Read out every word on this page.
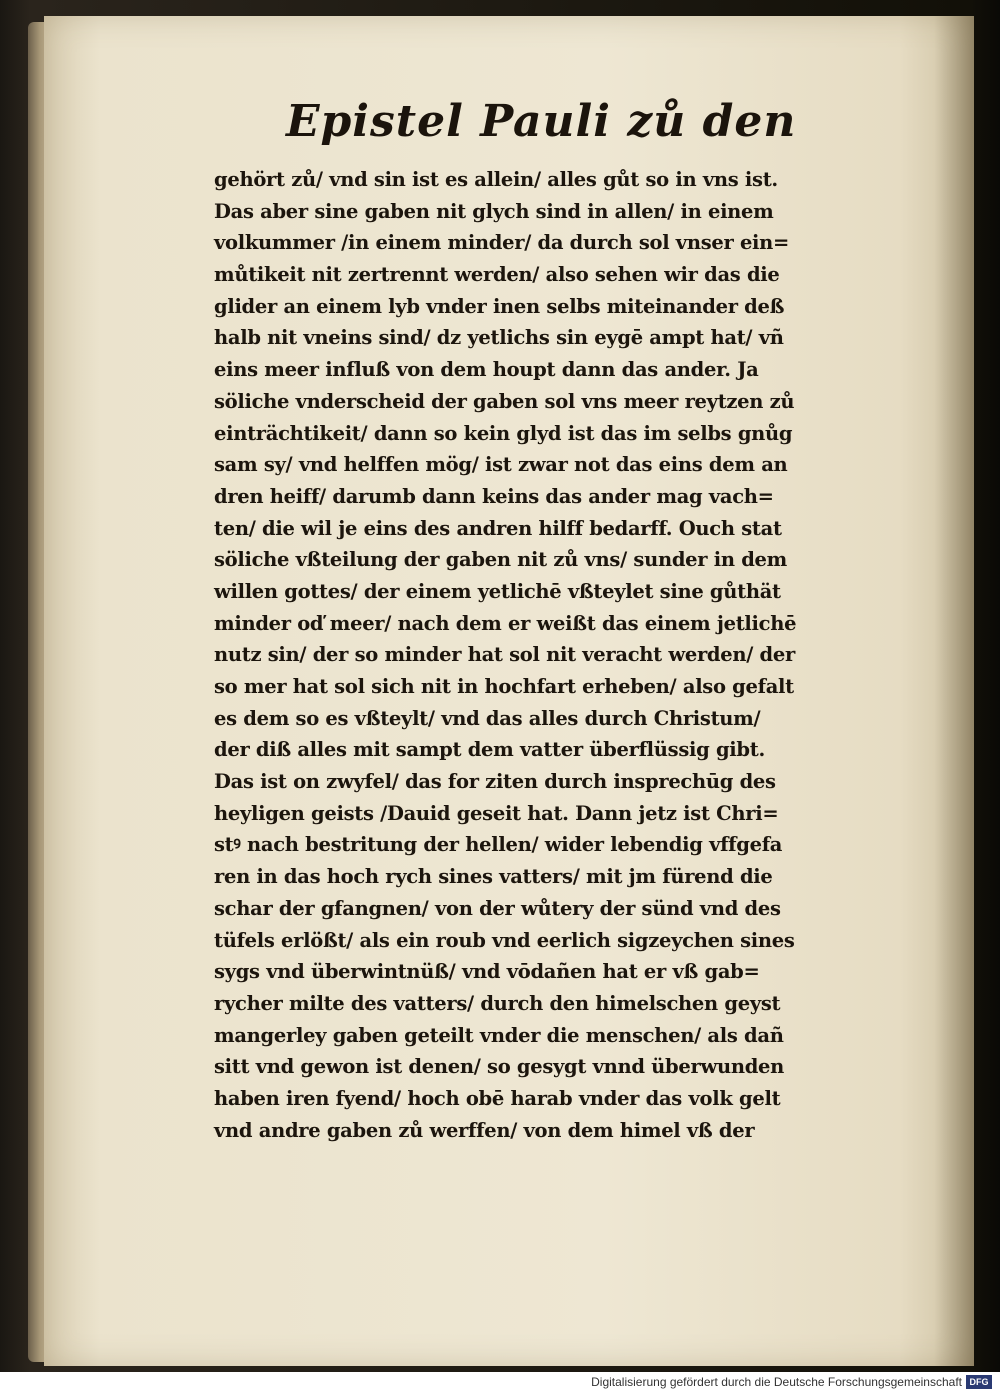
Epistel Pauli zů den
gehört zů/ vnd sin ist es allein/ alles gůt so in vns ist.
Das aber sine gaben nit glych sind in allen/ in einem
volkummer /in einem minder/ da durch sol vnser ein=
můtikeit nit zertrennt werden/ also sehen wir das die
glider an einem lyb vnder inen selbs miteinander deß
halb nit vneins sind/ dz yetlichs sin eygē ampt hat/ vñ
eins meer influß von dem houpt dann das ander. Ja
söliche vnderscheid der gaben sol vns meer reytzen zů
einträchtikeit/ dann so kein glyd ist das im selbs gnůg
sam sy/ vnd helffen mög/ ist zwar not das eins dem an
dren heiff/ darumb dann keins das ander mag vach=
ten/ die wil je eins des andren hilff bedarff. Ouch stat
söliche vßteilung der gaben nit zů vns/ sunder in dem
willen gottes/ der einem yetlichē vßteylet sine gůthät
minder oď meer/ nach dem er weißt das einem jetlichē
nutz sin/ der so minder hat sol nit veracht werden/ der
so mer hat sol sich nit in hochfart erheben/ also gefalt
es dem so es vßteylt/ vnd das alles durch Christum/
der diß alles mit sampt dem vatter überflüssig gibt.
Das ist on zwyfel/ das for ziten durch insprechūg des
heyligen geists /Dauid geseit hat. Dann jetz ist Chri=
stꝰ nach bestritung der hellen/ wider lebendig vffgefa
ren in das hoch rych sines vatters/ mit jm fürend die
schar der gfangnen/ von der wůtery der sünd vnd des
tüfels erlößt/ als ein roub vnd eerlich sigzeychen sines
sygs vnd überwintnüß/ vnd vōdañen hat er vß gab=
rycher milte des vatters/ durch den himelschen geyst
mangerley gaben geteilt vnder die menschen/ als dañ
sitt vnd gewon ist denen/ so gesygt vnnd überwunden
haben iren fyend/ hoch obē harab vnder das volk gelt
vnd andre gaben zů werffen/ von dem himel vß der
Digitalisierung gefördert durch die Deutsche Forschungsgemeinschaft DFG
